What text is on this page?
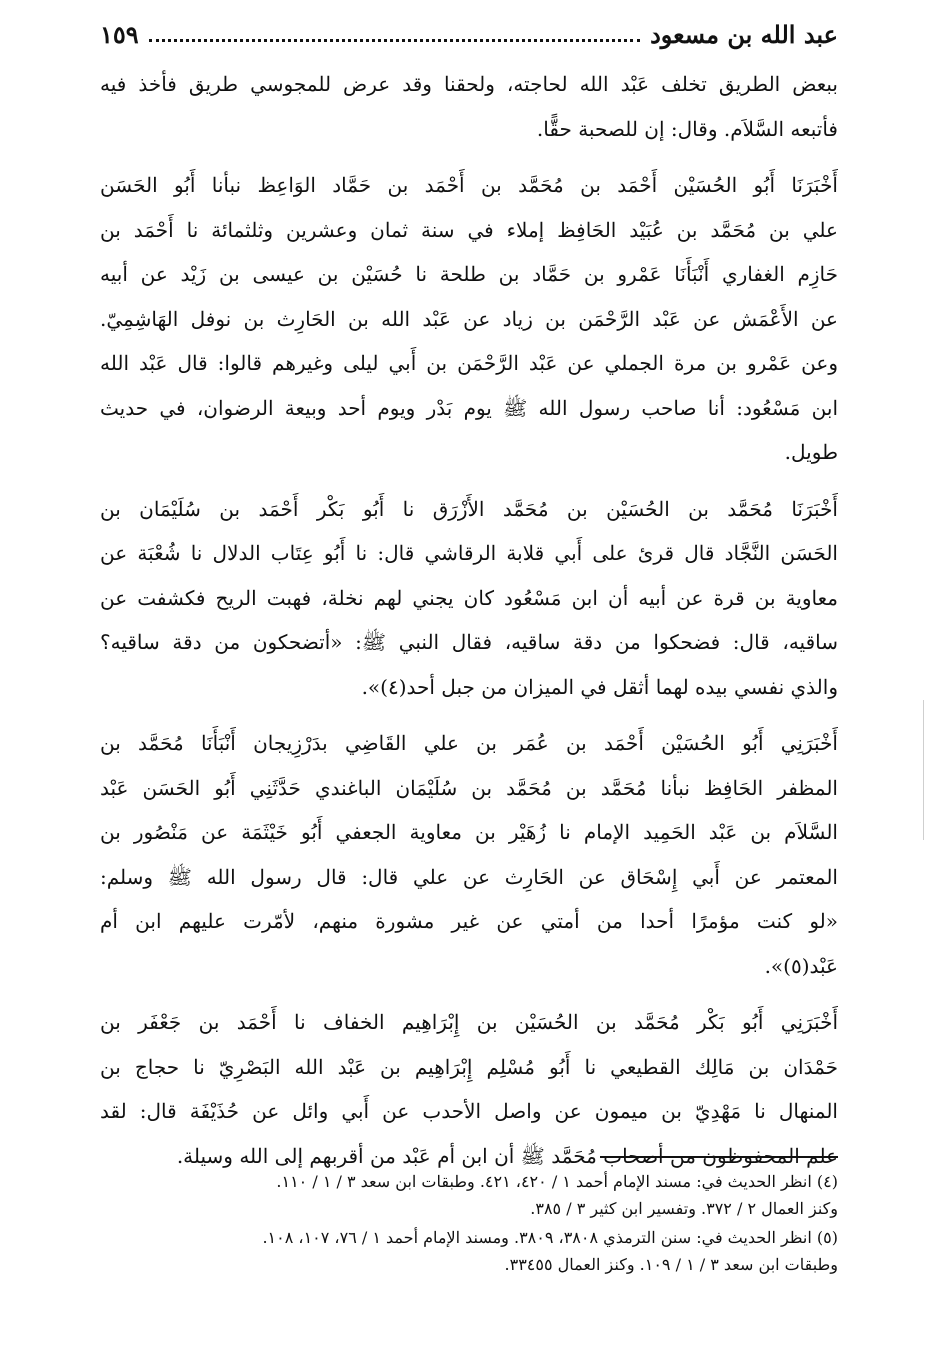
عبد الله بن مسعود
١٥٩
ببعض الطريق تخلف عَبْد الله لحاجته، ولحقنا وقد عرض للمجوسي طريق فأخذ فيه
فأتبعه السَّلاَم. وقال: إن للصحبة حقًّا.
أَخْبَرَنَا أَبُو الحُسَيْن أَحْمَد بن مُحَمَّد بن أَحْمَد بن حَمَّاد الوَاعِظ نبأنا أَبُو الحَسَن
علي بن مُحَمَّد بن عُبَيْد الحَافِظ إملاء في سنة ثمان وعشرين وثلثمائة نا أَحْمَد بن
حَازِم الغفاري أَنْبَأَنَا عَمْرو بن حَمَّاد بن طلحة نا حُسَيْن بن عيسى بن زَيْد عن أبيه
عن الأَعْمَش عن عَبْد الرَّحْمَن بن زياد عن عَبْد الله بن الحَارِث بن نوفل الهَاشِمِيّ.
وعن عَمْرو بن مرة الجملي عن عَبْد الرَّحْمَن بن أَبي ليلى وغيرهم قالوا: قال عَبْد الله
ابن مَسْعُود: أنا صاحب رسول الله ﷺ يوم بَدْر ويوم أحد وبيعة الرضوان، في حديث
طويل.
أَخْبَرَنَا مُحَمَّد بن الحُسَيْن بن مُحَمَّد الأَزْرَق نا أَبُو بَكْر أَحْمَد بن سُلَيْمَان بن
الحَسَن النَّجَّاد قال قرئ على أَبي قلابة الرقاشي قال: نا أَبُو عِتَاب الدلال نا شُعْبَة عن
معاوية بن قرة عن أبيه أن ابن مَسْعُود كان يجني لهم نخلة، فهبت الريح فكشفت عن
ساقيه، قال: فضحكوا من دقة ساقيه، فقال النبي ﷺ: «أتضحكون من دقة ساقيه؟
والذي نفسي بيده لهما أثقل في الميزان من جبل أحد(٤)».
أَخْبَرَنِي أَبُو الحُسَيْن أَحْمَد بن عُمَر بن علي القَاضِي بدَرْزِيجان أَنْبَأَنَا مُحَمَّد بن
المظفر الحَافِظ نبأنا مُحَمَّد بن مُحَمَّد بن سُلَيْمَان الباغندي حَدَّثَنِي أَبُو الحَسَن عَبْد
السَّلاَم بن عَبْد الحَمِيد الإمام نا زُهَيْر بن معاوية الجعفي أَبُو خَيْثَمَة عن مَنْصُور بن
المعتمر عن أَبي إِسْحَاق عن الحَارِث عن علي قال: قال رسول الله ﷺ وسلم:
«لو كنت مؤمرًا أحدا من أمتي عن غير مشورة منهم، لأمّرت عليهم ابن أم
عَبْد(٥)».
أَخْبَرَنِي أَبُو بَكْر مُحَمَّد بن الحُسَيْن بن إِبْرَاهِيم الخفاف نا أَحْمَد بن جَعْفَر بن
حَمْدَان بن مَالِك القطيعي نا أَبُو مُسْلِم إِبْرَاهِيم بن عَبْد الله البَصْرِيّ نا حجاج بن
المنهال نا مَهْدِيّ بن ميمون عن واصل الأحدب عن أَبي وائل عن حُذَيْفَة قال: لقد
علم المحفوظون من أصحاب مُحَمَّد ﷺ أن ابن أم عَبْد من أقربهم إلى الله وسيلة.
(٤) انظر الحديث في: مسند الإمام أحمد ١ / ٤٢٠، ٤٢١. وطبقات ابن سعد ٣ / ١ / ١١٠.
وكنز العمال ٢ / ٣٧٢. وتفسير ابن كثير ٣ / ٣٨٥.
(٥) انظر الحديث في: سنن الترمذي ٣٨٠٨، ٣٨٠٩. ومسند الإمام أحمد ١ / ٧٦، ١٠٧، ١٠٨.
وطبقات ابن سعد ٣ / ١ / ١٠٩. وكنز العمال ٣٣٤٥٥.
